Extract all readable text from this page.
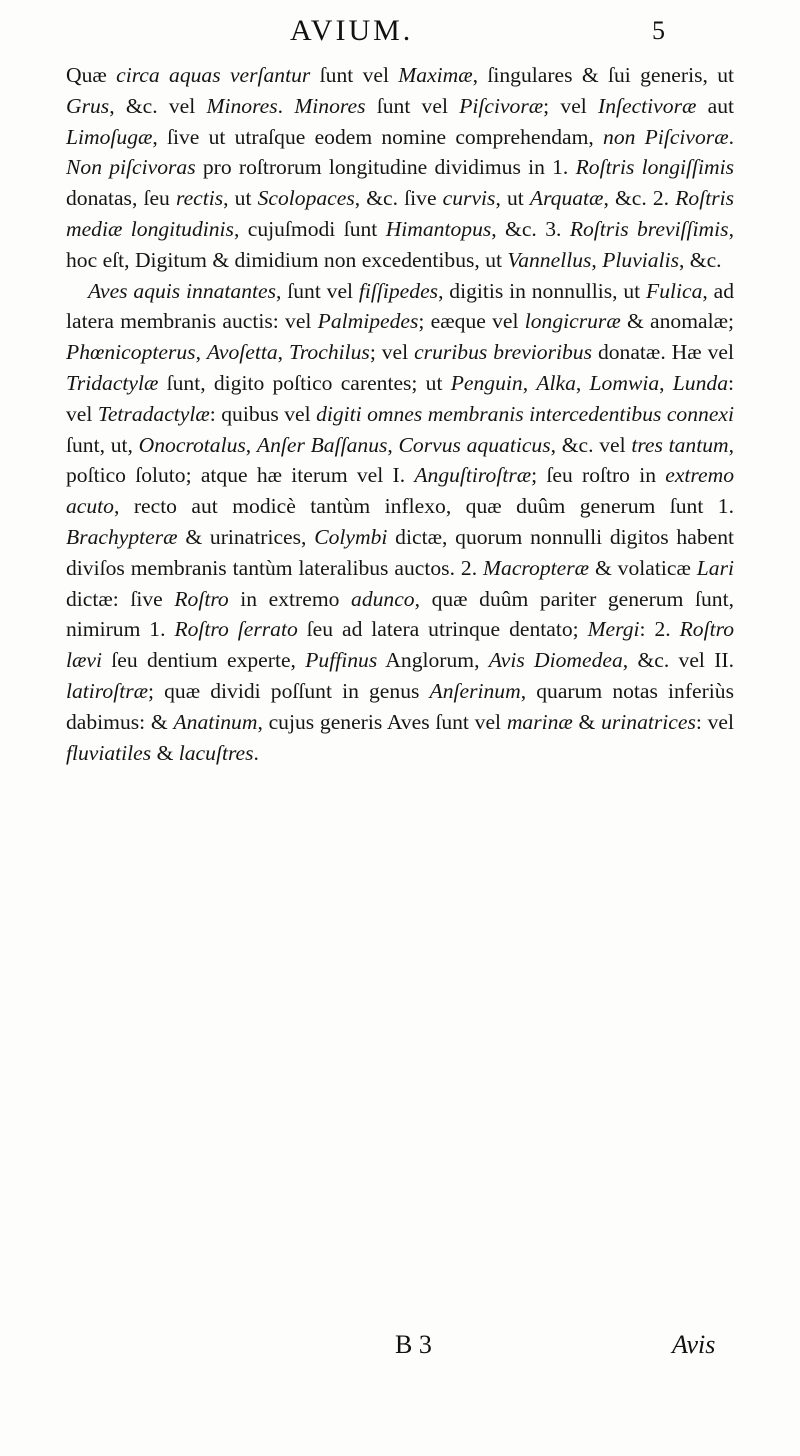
AVIUM.	5

Quæ circa aquas verſantur ſunt vel Maximæ, ſingulares & ſui generis, ut Grus, &c. vel Minores. Minores ſunt vel Piſcivoræ; vel Inſectivoræ aut Limoſugæ, ſive ut utraſque eodem nomine comprehendam, non Piſcivoræ. Non piſcivoras pro roſtrorum longitudine dividimus in 1. Roſtris longiſſimis donatas, ſeu rectis, ut Scolopaces, &c. ſive curvis, ut Arquatæ, &c. 2. Roſtris mediæ longitudinis, cujuſmodi ſunt Himantopus, &c. 3. Roſtris breviſſimis, hoc eſt, Digitum & dimidium non excedentibus, ut Vannellus, Pluvialis, &c.

Aves aquis innatantes, ſunt vel fiſſipedes, digitis in nonnullis, ut Fulica, ad latera membranis auctis: vel Palmipedes; eæque vel longicruræ & anomalæ; Phœnicopterus, Avoſetta, Trochilus; vel cruribus brevioribus donatæ. Hæ vel Tridactylæ ſunt, digito poſtico carentes; ut Penguin, Alka, Lomwia, Lunda: vel Tetradactylæ: quibus vel digiti omnes membranis intercedentibus connexi ſunt, ut, Onocrotalus, Anſer Baſſanus, Corvus aquaticus, &c. vel tres tantum, poſtico ſoluto; atque hæ iterum vel I. Anguſtiroſtræ; ſeu roſtro in extremo acuto, recto aut modicè tantùm inflexo, quæ duûm generum ſunt 1. Brachypteræ & urinatrices, Colymbi dictæ, quorum nonnulli digitos habent diviſos membranis tantùm lateralibus auctos. 2. Macropteræ & volaticæ Lari dictæ: ſive Roſtro in extremo adunco, quæ duûm pariter generum ſunt, nimirum 1. Roſtro ſerrato ſeu ad latera utrinque dentato; Mergi: 2. Roſtro lævi ſeu dentium experte, Puffinus Anglorum, Avis Diomedea, &c. vel II. latiroſtræ; quæ dividi poſſunt in genus Anſerinum, quarum notas inferiùs dabimus: & Anatinum, cujus generis Aves ſunt vel marinæ & urinatrices: vel fluviatiles & lacuſtres.

B 3	Avis
